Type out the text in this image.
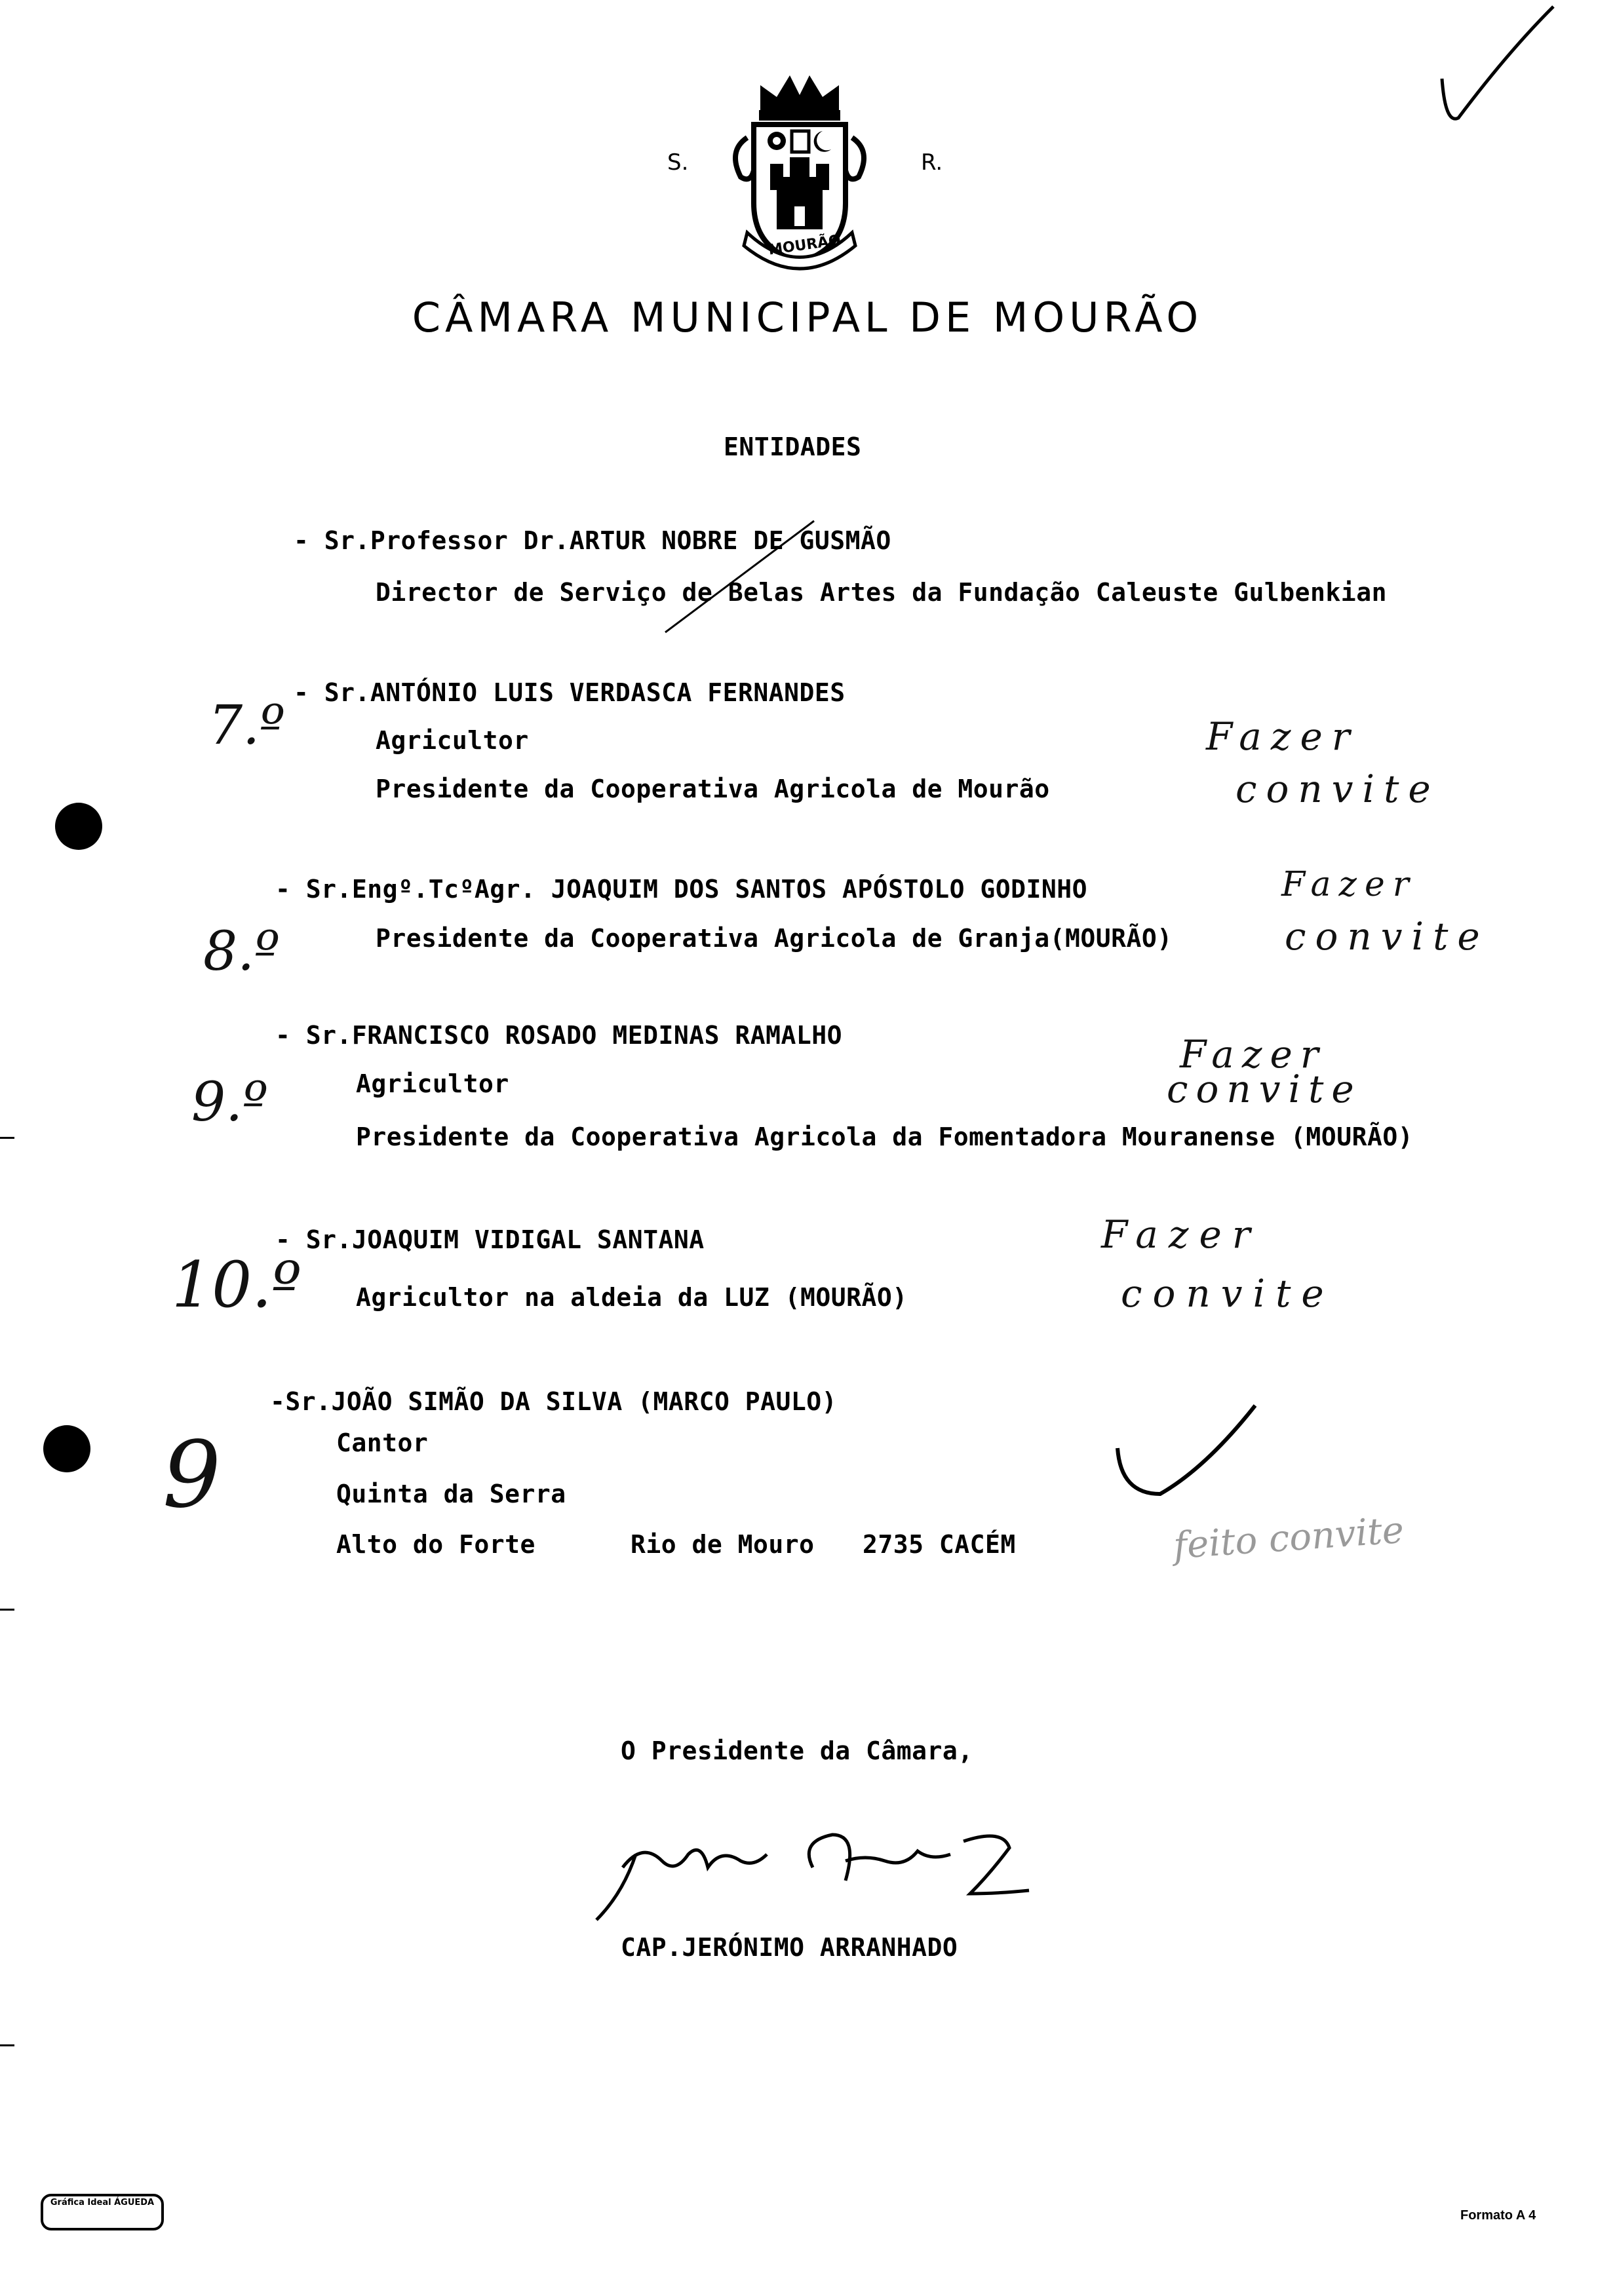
MOURÃO
S.	R.
CÂMARA MUNICIPAL DE MOURÃO
ENTIDADES
- Sr.Professor Dr.ARTUR NOBRE DE GUSMÃO
Director de Serviço de Belas Artes da Fundação Caleuste Gulbenkian
- Sr.ANTÓNIO LUIS VERDASCA FERNANDES
Agricultor
Presidente da Cooperativa Agricola de Mourão
- Sr.Engº.TcºAgr. JOAQUIM DOS SANTOS APÓSTOLO GODINHO
Presidente da Cooperativa Agricola de Granja(MOURÃO)
- Sr.FRANCISCO ROSADO MEDINAS RAMALHO
Agricultor
Presidente da Cooperativa Agricola da Fomentadora Mouranense (MOURÃO)
- Sr.JOAQUIM VIDIGAL SANTANA
Agricultor na aldeia da LUZ (MOURÃO)
-Sr.JOÃO SIMÃO DA SILVA (MARCO PAULO)
Cantor
Quinta da Serra
Alto do Forte	Rio de Mouro 2735 CACÉM
7.º
8.º
9.º
10.º
9
Fazer
convite
Fazer
convite
Fazer
convite
Fazer
convite
feito convite
O Presidente da Câmara,
CAP.JERÓNIMO ARRANHADO
Gráfica Ideal ÁGUEDA
Formato A 4
